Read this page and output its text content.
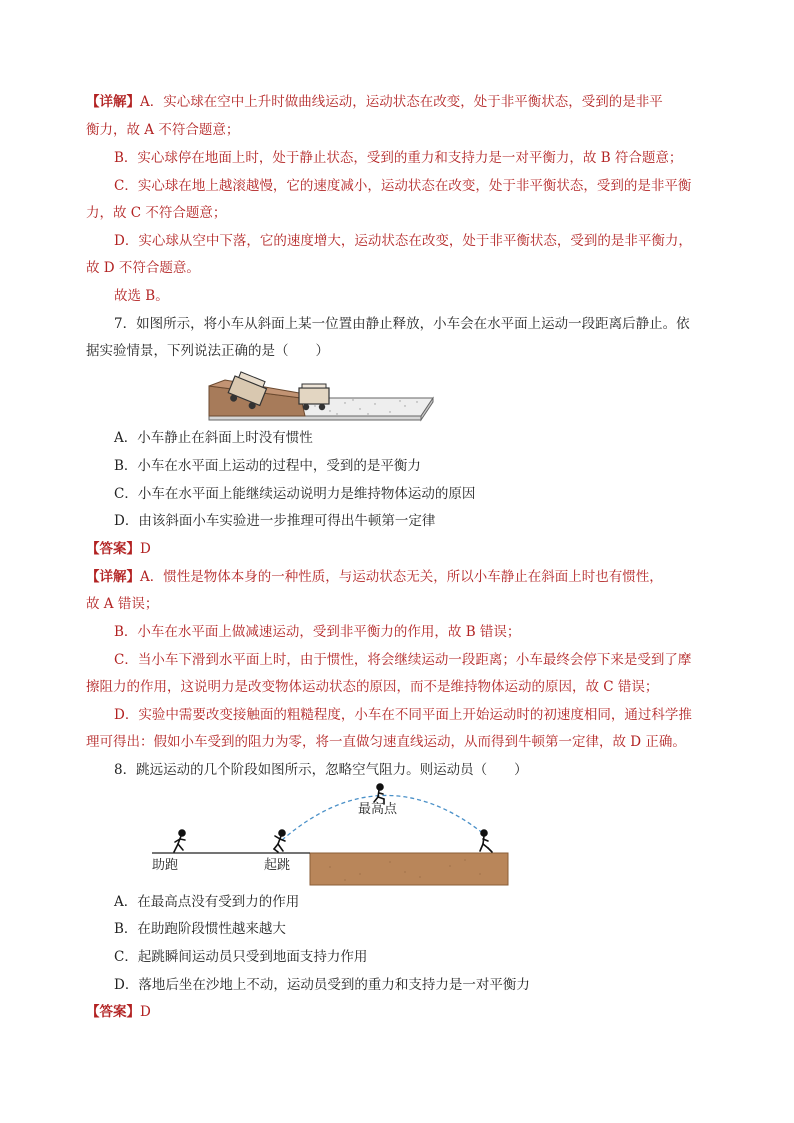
【详解】A．实心球在空中上升时做曲线运动，运动状态在改变，处于非平衡状态，受到的是非平
衡力，故 A 不符合题意；
B．实心球停在地面上时，处于静止状态，受到的重力和支持力是一对平衡力，故 B 符合题意；
C．实心球在地上越滚越慢，它的速度减小，运动状态在改变，处于非平衡状态，受到的是非平衡
力，故 C 不符合题意；
D．实心球从空中下落，它的速度增大，运动状态在改变，处于非平衡状态，受到的是非平衡力，
故 D 不符合题意。
故选 B。
7．如图所示，将小车从斜面上某一位置由静止释放，小车会在水平面上运动一段距离后静止。依
据实验情景，下列说法正确的是（　　）
A．小车静止在斜面上时没有惯性
B．小车在水平面上运动的过程中，受到的是平衡力
C．小车在水平面上能继续运动说明力是维持物体运动的原因
D．由该斜面小车实验进一步推理可得出牛顿第一定律
【答案】D
【详解】A．惯性是物体本身的一种性质，与运动状态无关，所以小车静止在斜面上时也有惯性，
故 A 错误；
B．小车在水平面上做减速运动，受到非平衡力的作用，故 B 错误；
C．当小车下滑到水平面上时，由于惯性，将会继续运动一段距离；小车最终会停下来是受到了摩
擦阻力的作用，这说明力是改变物体运动状态的原因，而不是维持物体运动的原因，故 C 错误；
D．实验中需要改变接触面的粗糙程度，小车在不同平面上开始运动时的初速度相同，通过科学推
理可得出：假如小车受到的阻力为零，将一直做匀速直线运动，从而得到牛顿第一定律，故 D 正确。
8．跳远运动的几个阶段如图所示，忽略空气阻力。则运动员（　　）
最高点
助跑	起跳
A．在最高点没有受到力的作用
B．在助跑阶段惯性越来越大
C．起跳瞬间运动员只受到地面支持力作用
D．落地后坐在沙地上不动，运动员受到的重力和支持力是一对平衡力
【答案】D
